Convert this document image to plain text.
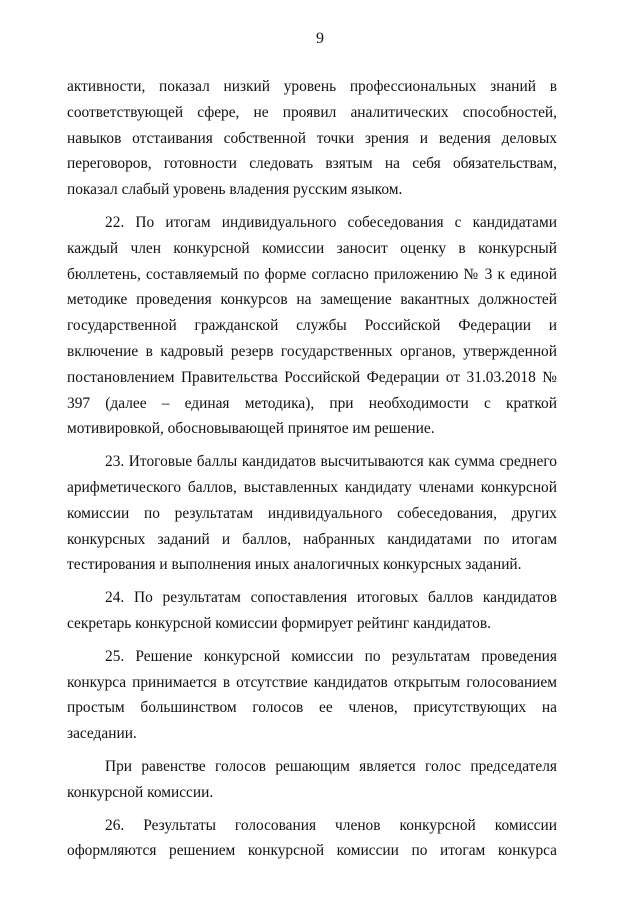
9

активности, показал низкий уровень профессиональных знаний в соответствующей сфере, не проявил аналитических способностей, навыков отстаивания собственной точки зрения и ведения деловых переговоров, готовности следовать взятым на себя обязательствам, показал слабый уровень владения русским языком.

22. По итогам индивидуального собеседования с кандидатами каждый член конкурсной комиссии заносит оценку в конкурсный бюллетень, составляемый по форме согласно приложению № 3 к единой методике проведения конкурсов на замещение вакантных должностей государственной гражданской службы Российской Федерации и включение в кадровый резерв государственных органов, утвержденной постановлением Правительства Российской Федерации от 31.03.2018 № 397 (далее – единая методика), при необходимости с краткой мотивировкой, обосновывающей принятое им решение.

23. Итоговые баллы кандидатов высчитываются как сумма среднего арифметического баллов, выставленных кандидату членами конкурсной комиссии по результатам индивидуального собеседования, других конкурсных заданий и баллов, набранных кандидатами по итогам тестирования и выполнения иных аналогичных конкурсных заданий.

24. По результатам сопоставления итоговых баллов кандидатов секретарь конкурсной комиссии формирует рейтинг кандидатов.

25. Решение конкурсной комиссии по результатам проведения конкурса принимается в отсутствие кандидатов открытым голосованием простым большинством голосов ее членов, присутствующих на заседании.

При равенстве голосов решающим является голос председателя конкурсной комиссии.

26. Результаты голосования членов конкурсной комиссии оформляются решением конкурсной комиссии по итогам конкурса
